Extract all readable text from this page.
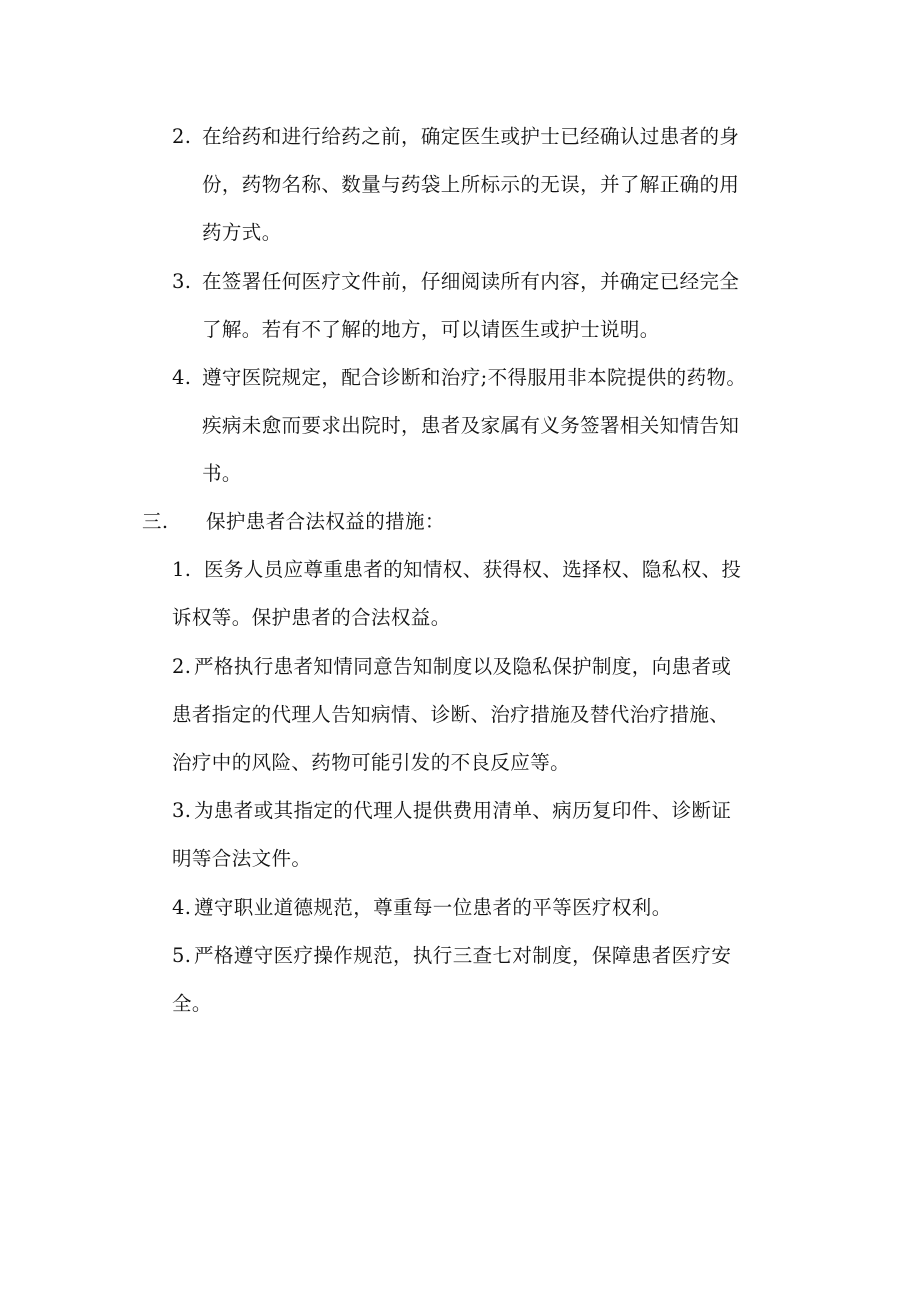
2. 在给药和进行给药之前，确定医生或护士已经确认过患者的身
份，药物名称、数量与药袋上所标示的无误，并了解正确的用
药方式。
3. 在签署任何医疗文件前，仔细阅读所有内容，并确定已经完全
了解。若有不了解的地方，可以请医生或护士说明。
4. 遵守医院规定，配合诊断和治疗;不得服用非本院提供的药物。
疾病未愈而要求出院时，患者及家属有义务签署相关知情告知
书。
三. 保护患者合法权益的措施：
1. 医务人员应尊重患者的知情权、获得权、选择权、隐私权、投
诉权等。保护患者的合法权益。
2. 严格执行患者知情同意告知制度以及隐私保护制度，向患者或
患者指定的代理人告知病情、诊断、治疗措施及替代治疗措施、
治疗中的风险、药物可能引发的不良反应等。
3. 为患者或其指定的代理人提供费用清单、病历复印件、诊断证
明等合法文件。
4. 遵守职业道德规范，尊重每一位患者的平等医疗权利。
5. 严格遵守医疗操作规范，执行三查七对制度，保障患者医疗安
全。
